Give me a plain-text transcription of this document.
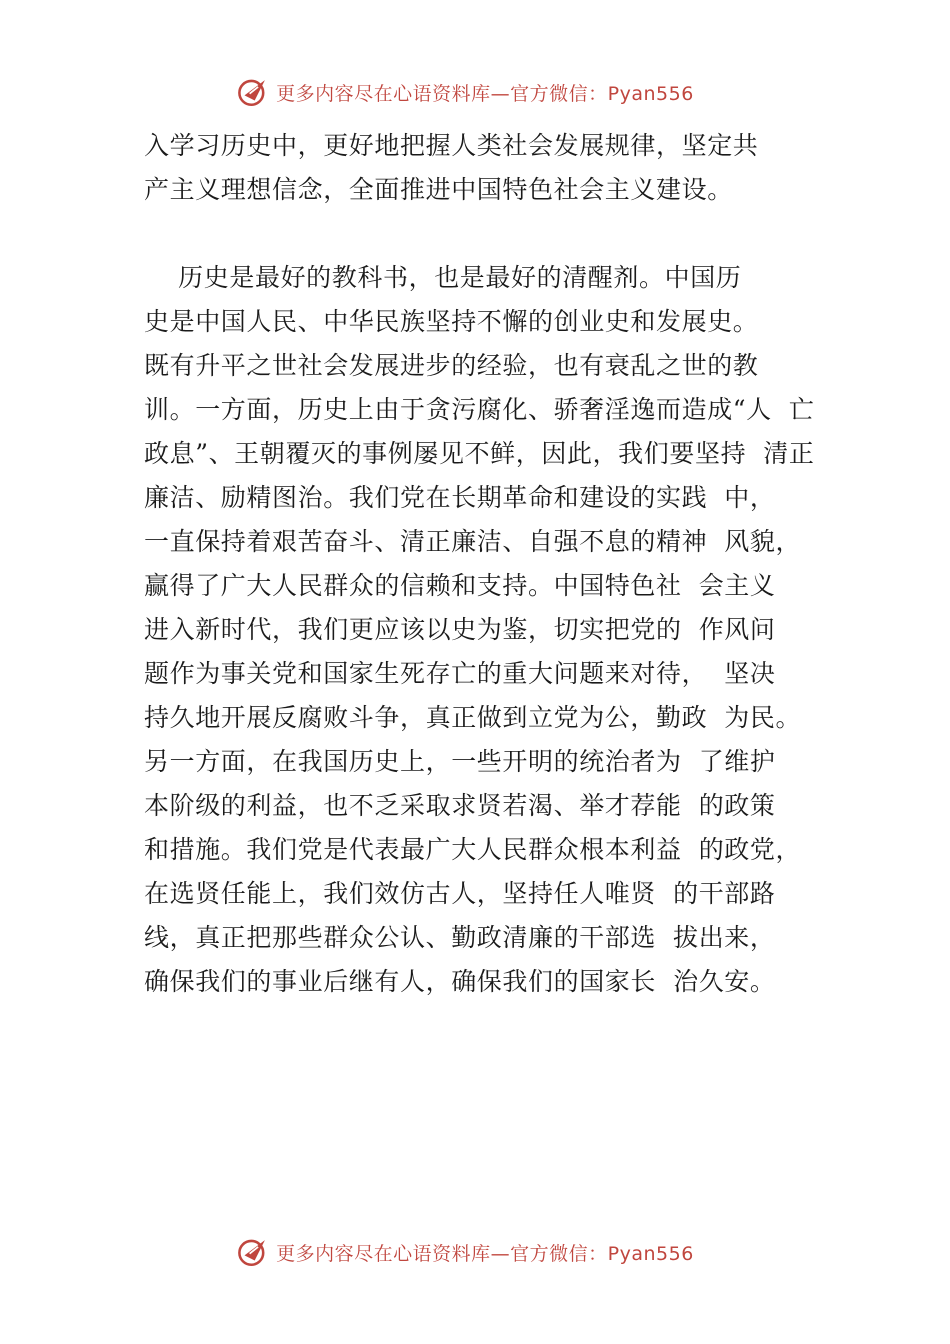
更多内容尽在心语资料库—官方微信：Pyan556
入学习历史中，更好地把握人类社会发展规律，坚定共
产主义理想信念，全面推进中国特色社会主义建设。
历史是最好的教科书，也是最好的清醒剂。中国历
史是中国人民、中华民族坚持不懈的创业史和发展史。
既有升平之世社会发展进步的经验，也有衰乱之世的教
训。一方面，历史上由于贪污腐化、骄奢淫逸而造成“人  亡
政息”、王朝覆灭的事例屡见不鲜，因此，我们要坚持  清正
廉洁、励精图治。我们党在长期革命和建设的实践  中，
一直保持着艰苦奋斗、清正廉洁、自强不息的精神  风貌，
赢得了广大人民群众的信赖和支持。中国特色社  会主义
进入新时代，我们更应该以史为鉴，切实把党的  作风问
题作为事关党和国家生死存亡的重大问题来对待，  坚决
持久地开展反腐败斗争，真正做到立党为公，勤政  为民。
另一方面，在我国历史上，一些开明的统治者为  了维护
本阶级的利益，也不乏采取求贤若渴、举才荐能  的政策
和措施。我们党是代表最广大人民群众根本利益  的政党，
在选贤任能上，我们效仿古人，坚持任人唯贤  的干部路
线，真正把那些群众公认、勤政清廉的干部选  拔出来，
确保我们的事业后继有人，确保我们的国家长  治久安。
更多内容尽在心语资料库—官方微信：Pyan556
